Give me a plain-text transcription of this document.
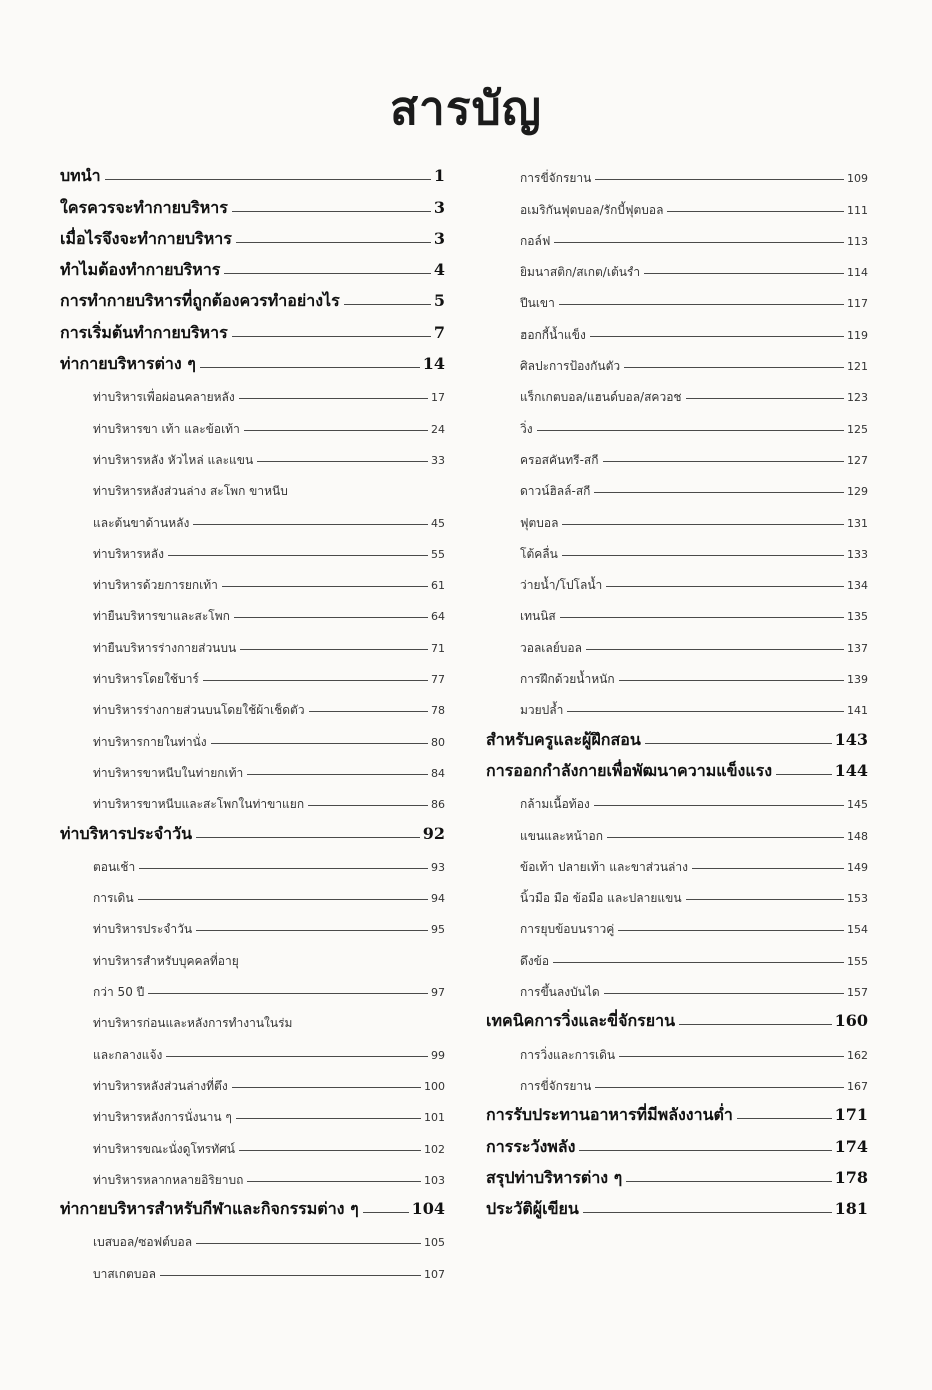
สารบัญ
บทนำ	1
ใครควรจะทำกายบริหาร	3
เมื่อไรจึงจะทำกายบริหาร	3
ทำไมต้องทำกายบริหาร	4
การทำกายบริหารที่ถูกต้องควรทำอย่างไร	5
การเริ่มต้นทำกายบริหาร	7
ท่ากายบริหารต่าง ๆ	14
ท่าบริหารเพื่อผ่อนคลายหลัง	17
ท่าบริหารขา เท้า และข้อเท้า	24
ท่าบริหารหลัง หัวไหล่ และแขน	33
ท่าบริหารหลังส่วนล่าง สะโพก ขาหนีบ
และต้นขาด้านหลัง	45
ท่าบริหารหลัง	55
ท่าบริหารด้วยการยกเท้า	61
ท่ายืนบริหารขาและสะโพก	64
ท่ายืนบริหารร่างกายส่วนบน	71
ท่าบริหารโดยใช้บาร์	77
ท่าบริหารร่างกายส่วนบนโดยใช้ผ้าเช็ดตัว	78
ท่าบริหารกายในท่านั่ง	80
ท่าบริหารขาหนีบในท่ายกเท้า	84
ท่าบริหารขาหนีบและสะโพกในท่าขาแยก	86
ท่าบริหารประจำวัน	92
ตอนเช้า	93
การเดิน	94
ท่าบริหารประจำวัน	95
ท่าบริหารสำหรับบุคคลที่อายุ
กว่า 50 ปี	97
ท่าบริหารก่อนและหลังการทำงานในร่ม
และกลางแจ้ง	99
ท่าบริหารหลังส่วนล่างที่ตึง	100
ท่าบริหารหลังการนั่งนาน ๆ	101
ท่าบริหารขณะนั่งดูโทรทัศน์	102
ท่าบริหารหลากหลายอิริยาบถ	103
ท่ากายบริหารสำหรับกีฬาและกิจกรรมต่าง ๆ	104
เบสบอล/ซอฟต์บอล	105
บาสเกตบอล	107
การขี่จักรยาน	109
อเมริกันฟุตบอล/รักบี้ฟุตบอล	111
กอล์ฟ	113
ยิมนาสติก/สเกต/เต้นรำ	114
ปีนเขา	117
ฮอกกี้น้ำแข็ง	119
ศิลปะการป้องกันตัว	121
แร็กเกตบอล/แฮนด์บอล/สควอช	123
วิ่ง	125
ครอสคันทรี-สกี	127
ดาวน์ฮิลล์-สกี	129
ฟุตบอล	131
โต้คลื่น	133
ว่ายน้ำ/โปโลน้ำ	134
เทนนิส	135
วอลเลย์บอล	137
การฝึกด้วยน้ำหนัก	139
มวยปล้ำ	141
สำหรับครูและผู้ฝึกสอน	143
การออกกำลังกายเพื่อพัฒนาความแข็งแรง	144
กล้ามเนื้อท้อง	145
แขนและหน้าอก	148
ข้อเท้า ปลายเท้า และขาส่วนล่าง	149
นิ้วมือ มือ ข้อมือ และปลายแขน	153
การยุบข้อบนราวคู่	154
ดึงข้อ	155
การขึ้นลงบันได	157
เทคนิคการวิ่งและขี่จักรยาน	160
การวิ่งและการเดิน	162
การขี่จักรยาน	167
การรับประทานอาหารที่มีพลังงานต่ำ	171
การระวังพลัง	174
สรุปท่าบริหารต่าง ๆ	178
ประวัติผู้เขียน	181
